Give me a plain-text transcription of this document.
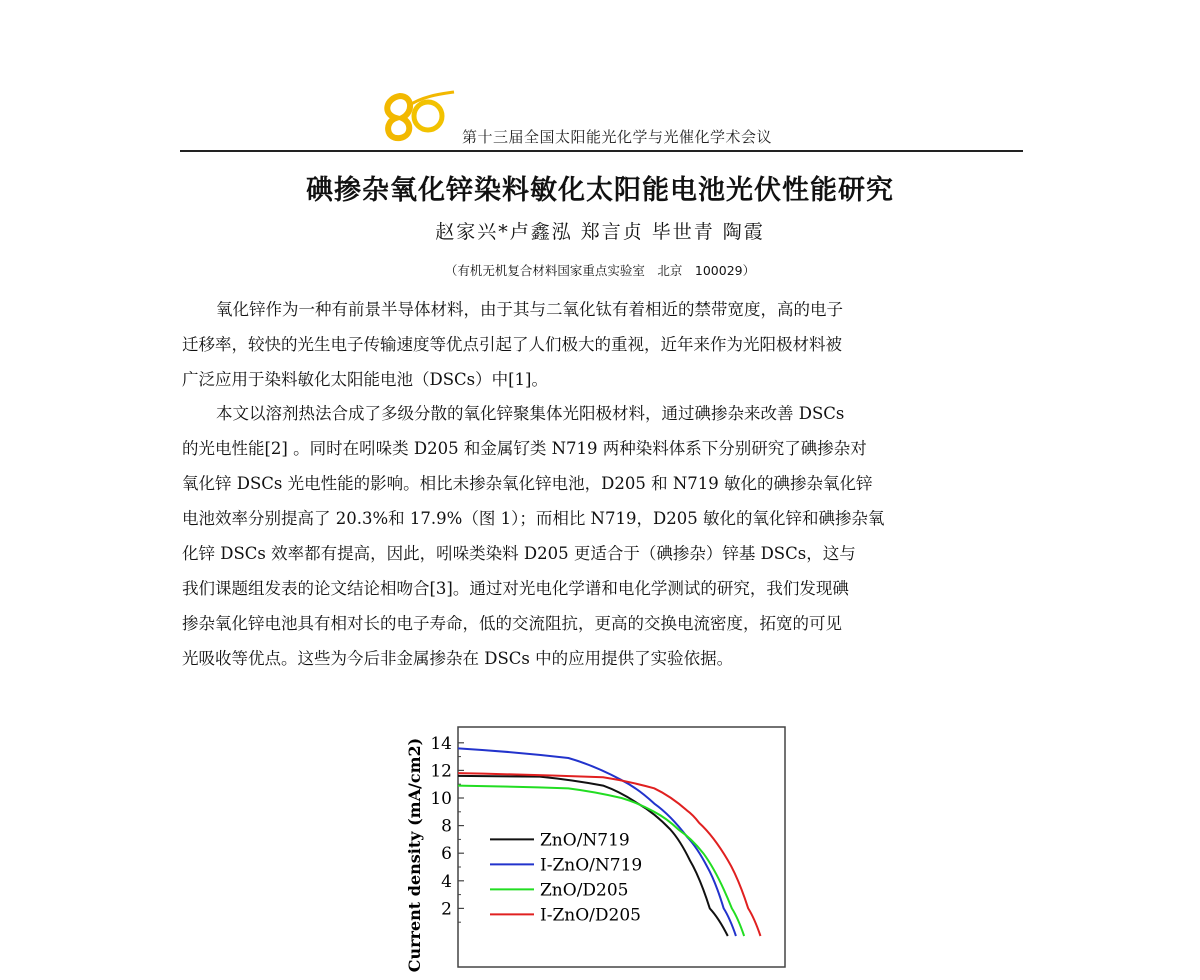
第十三届全国太阳能光化学与光催化学术会议
碘掺杂氧化锌染料敏化太阳能电池光伏性能研究
赵家兴*卢鑫泓 郑言贞 毕世青 陶霞
（有机无机复合材料国家重点实验室　北京　100029）
氧化锌作为一种有前景半导体材料，由于其与二氧化钛有着相近的禁带宽度，高的电子
迁移率，较快的光生电子传输速度等优点引起了人们极大的重视，近年来作为光阳极材料被
广泛应用于染料敏化太阳能电池（DSCs）中[1]。
本文以溶剂热法合成了多级分散的氧化锌聚集体光阳极材料，通过碘掺杂来改善 DSCs
的光电性能[2] 。同时在吲哚类 D205 和金属钌类 N719 两种染料体系下分别研究了碘掺杂对
氧化锌 DSCs 光电性能的影响。相比未掺杂氧化锌电池，D205 和 N719 敏化的碘掺杂氧化锌
电池效率分别提高了 20.3%和 17.9%（图 1）；而相比 N719，D205 敏化的氧化锌和碘掺杂氧
化锌 DSCs 效率都有提高，因此，吲哚类染料 D205 更适合于（碘掺杂）锌基 DSCs，这与
我们课题组发表的论文结论相吻合[3]。通过对光电化学谱和电化学测试的研究，我们发现碘
掺杂氧化锌电池具有相对长的电子寿命，低的交流阻抗，更高的交换电流密度，拓宽的可见
光吸收等优点。这些为今后非金属掺杂在 DSCs 中的应用提供了实验依据。
2
4
6
8
10
12
14
ZnO/N719
I-ZnO/N719
ZnO/D205
I-ZnO/D205
Current density (mA/cm2)
